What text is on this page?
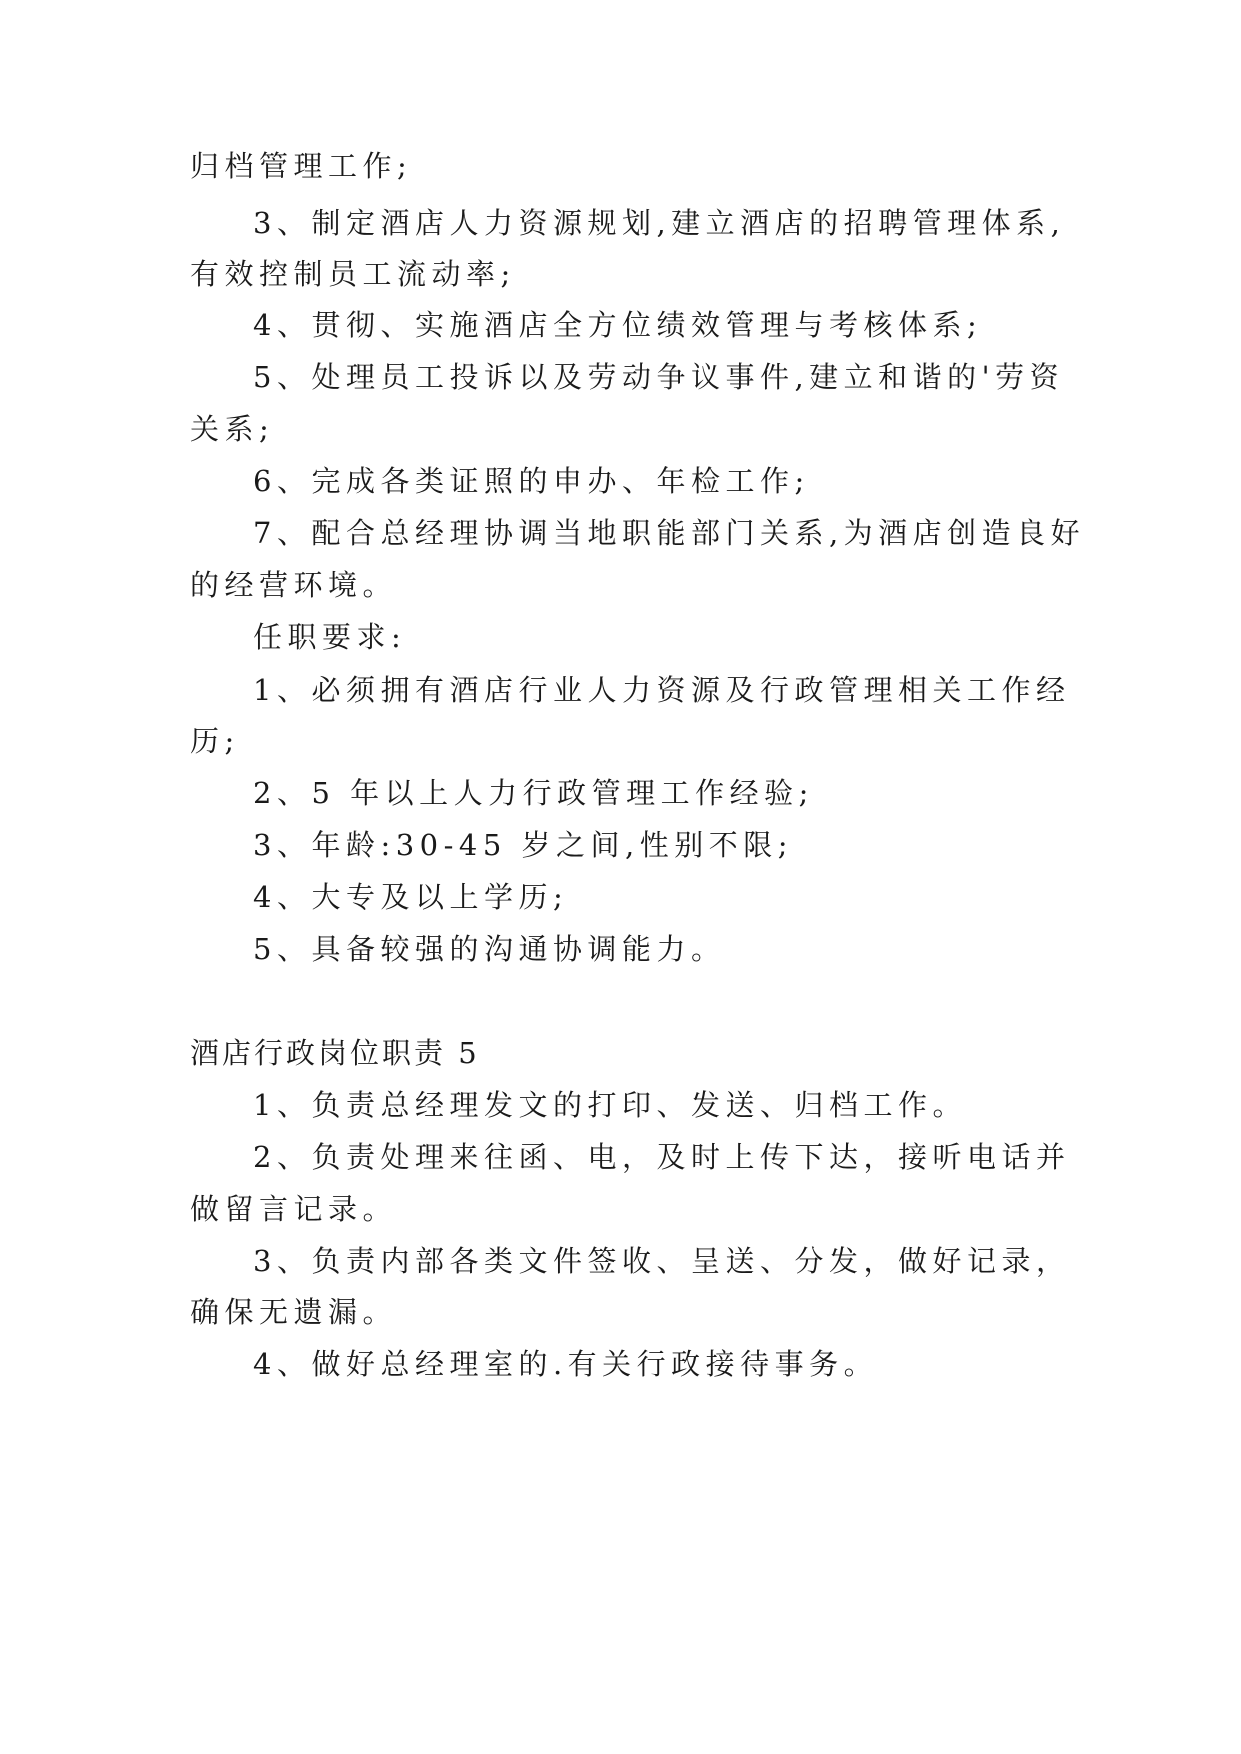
归档管理工作;
3、制定酒店人力资源规划,建立酒店的招聘管理体系,
有效控制员工流动率;
4、贯彻、实施酒店全方位绩效管理与考核体系;
5、处理员工投诉以及劳动争议事件,建立和谐的'劳资
关系;
6、完成各类证照的申办、年检工作;
7、配合总经理协调当地职能部门关系,为酒店创造良好
的经营环境。
任职要求:
1、必须拥有酒店行业人力资源及行政管理相关工作经
历;
2、5 年以上人力行政管理工作经验;
3、年龄:30-45 岁之间,性别不限;
4、大专及以上学历;
5、具备较强的沟通协调能力。
酒店行政岗位职责 5
1、负责总经理发文的打印、发送、归档工作。
2、负责处理来往函、电，及时上传下达，接听电话并
做留言记录。
3、负责内部各类文件签收、呈送、分发，做好记录，
确保无遗漏。
4、做好总经理室的.有关行政接待事务。
